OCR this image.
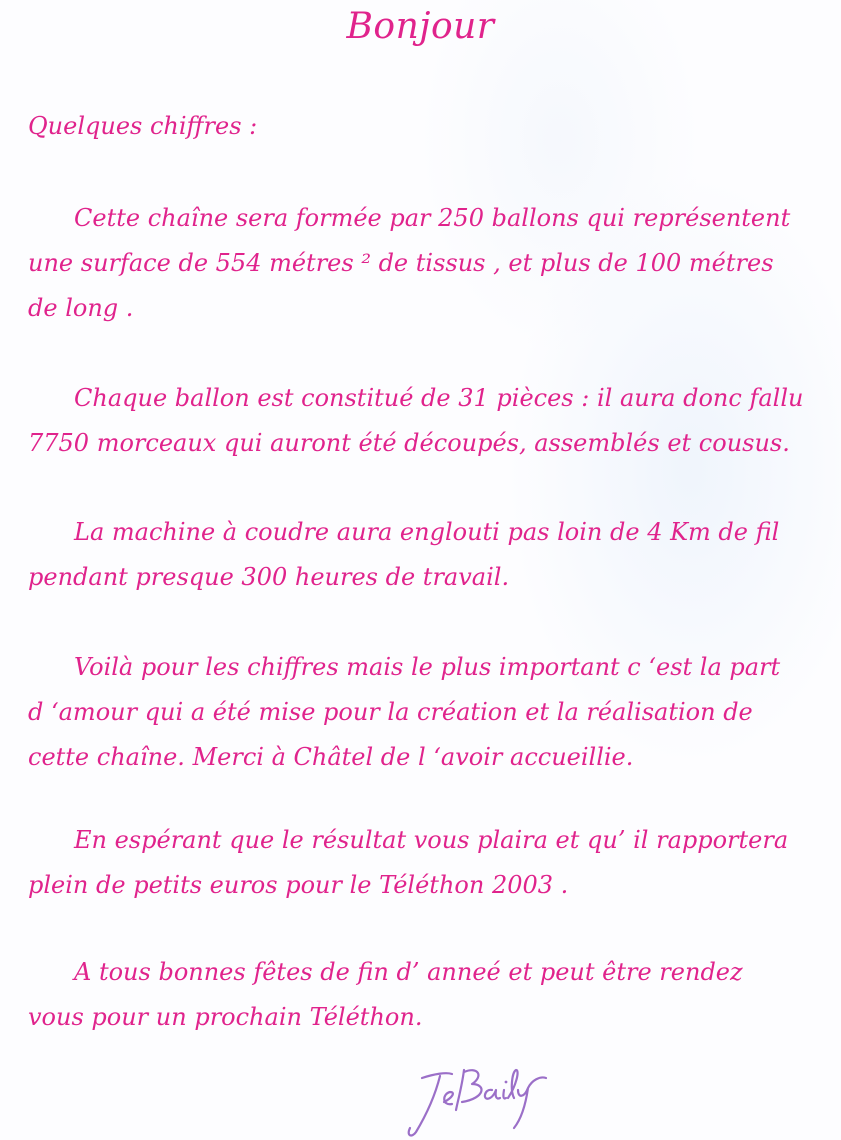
Bonjour
Quelques chiffres :
Cette chaîne sera formée par 250 ballons qui représentent
une surface de 554 métres ² de tissus , et plus de 100 métres
de long .
Chaque ballon est constitué de 31 pièces : il aura donc fallu
7750 morceaux qui auront été découpés, assemblés et cousus.
La machine à coudre aura englouti pas loin de 4 Km de fil
pendant presque 300 heures de travail.
Voilà pour les chiffres mais le plus important c ‘est la part
d ‘amour qui a été mise pour la création et la réalisation de
cette chaîne. Merci à Châtel de l ‘avoir accueillie.
En espérant que le résultat vous plaira et qu’ il rapportera
plein de petits euros pour le Téléthon 2003 .
A tous bonnes fêtes de fin d’ anneé et peut être rendez
vous pour un prochain Téléthon.
